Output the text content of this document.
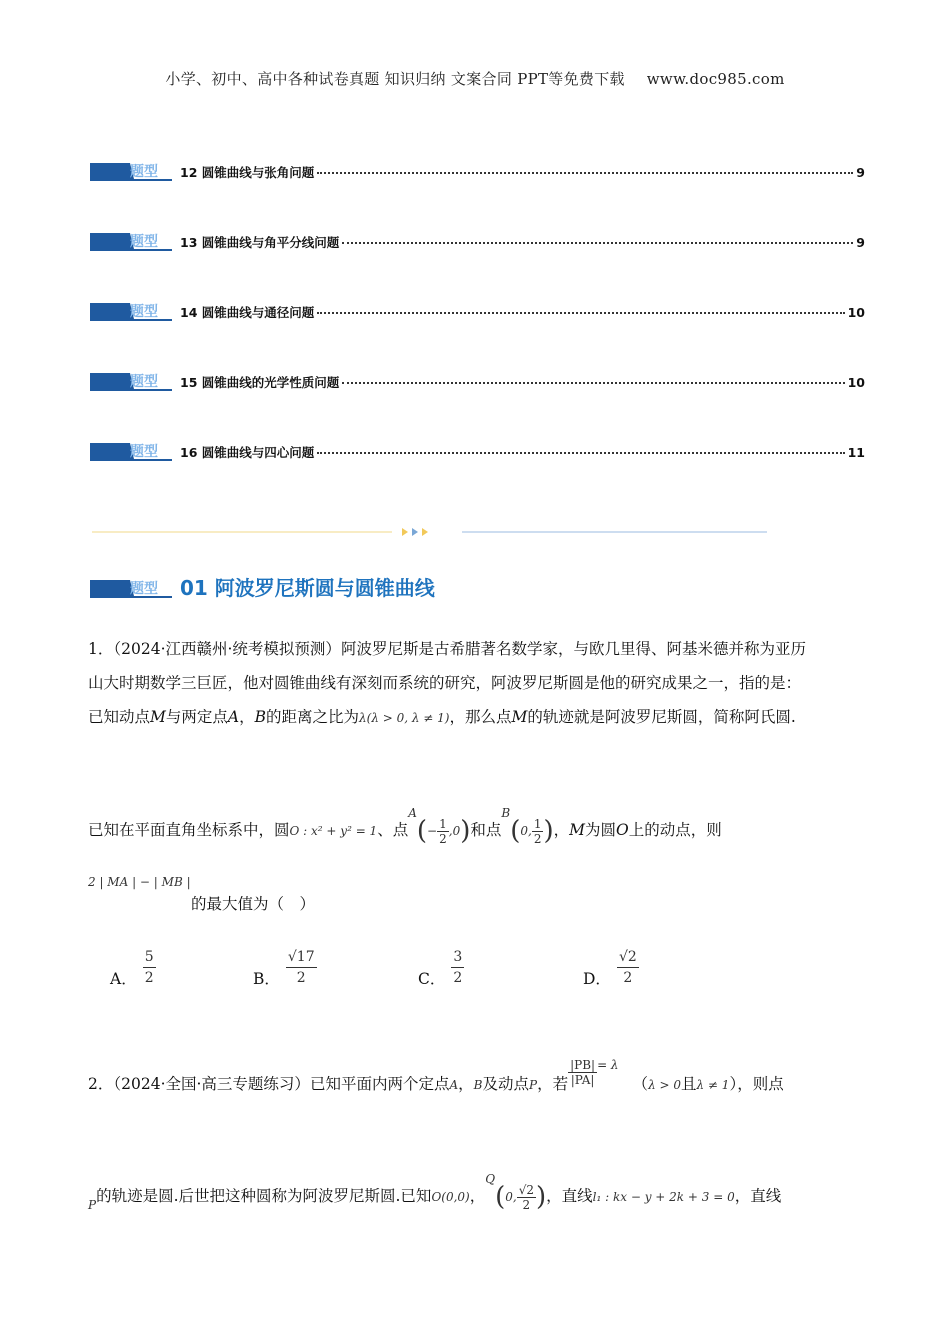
小学、初中、高中各种试卷真题 知识归纳 文案合同 PPT等免费下载 www.doc985.com
题型 12 圆锥曲线与张角问题	9
题型 13 圆锥曲线与角平分线问题	9
题型 14 圆锥曲线与通径问题	10
题型 15 圆锥曲线的光学性质问题	10
题型 16 圆锥曲线与四心问题	11
题型 01 阿波罗尼斯圆与圆锥曲线
1．（2024·江西赣州·统考模拟预测）阿波罗尼斯是古希腊著名数学家，与欧几里得、阿基米德并称为亚历
山大时期数学三巨匠，他对圆锥曲线有深刻而系统的研究，阿波罗尼斯圆是他的研究成果之一，指的是：
已知动点M与两定点A，B的距离之比为λ(λ > 0, λ ≠ 1)，那么点M的轨迹就是阿波罗尼斯圆，简称阿氏圆.
已知在平面直角坐标系中，圆O : x² + y² = 1、点$^A(- \frac{1}{2} ,0)$和点$^B$(0, $\frac{1}{2}$ )，M为圆O上的动点，则
2 | MA | − | MB |
的最大值为（　）
A． $\frac{5}{2}$	B． $\frac{√17}{2}$	C． $\frac{3}{2}$	D． $\frac{√2}{2}$
2．（2024·全国·高三专题练习）已知平面内两个定点A，B及动点P，若 $\frac{|PB|}{|PA|} ^{= \lambda}(\lambda > 0$且λ ≠ 1），则点
$_P$的轨迹是圆.后世把这种圆称为阿波罗尼斯圆.已知O(0,0)，$^Q$(0, $\frac{√2}{2}$ )，直线l₁ : kx − y + 2k + 3 = 0，直线
